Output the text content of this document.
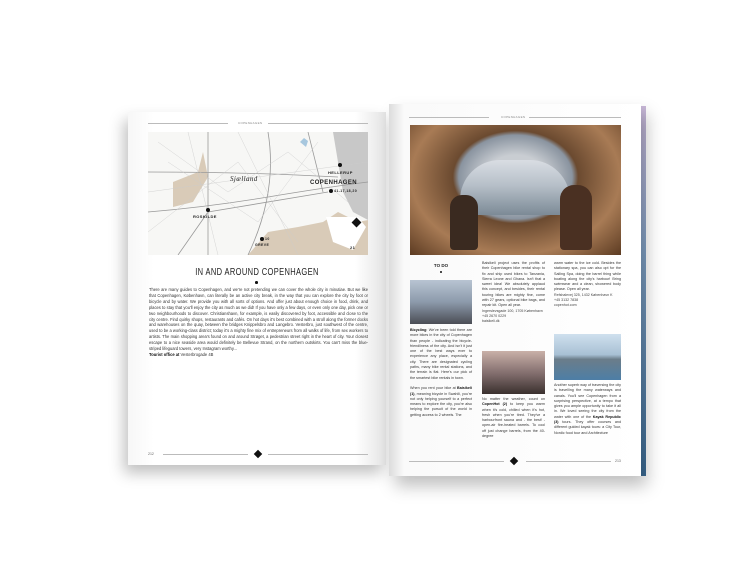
COPENHAGEN
Sjælland
HELLERUP
COPENHAGEN
41-17,18,20
ROSKILDE
10
GREVE	21
IN AND AROUND COPENHAGEN
There are many guides to Copenhagen, and we're not pretending we can cover the whole city in minutiae. But we like that Copenhagen, København, can literally be an active city break, in the way that you can explore the city by foot or bicycle and by water. We provide you with all sorts of options. And offer just about enough choice in food, drink, and places to stay that you'll enjoy the city as much as we did! If you have only a few days, or even only one day, pick one or two neighbourhoods to discover. Christianshavn, for example, is easily discovered by foot, accessible and close to the city centre. Find quirky shops, restaurants and cafés. On hot days it's best combined with a stroll along the former docks and warehouses on the quay, between the bridges Knippelsbro and Langebro. Vesterbro, just southwest of the centre, used to be a working-class district; today it's a mighty fine mix of entrepreneurs from all walks of life, from sex workers to artists. The main shopping area's found on and around Strøget, a pedestrian street right in the heart of city. Your closest escape to a nice seaside area would definitely be Bellevue Strand, on the northern outskirts. You can't miss the blue-striped lifeguard towers, very Instagram worthy...
Tourist office at Vesterbrogade 4B
212
COPENHAGEN
TO DO
Bicycling: We've been told there are more bikes in the city of Copenhagen than people - indicating the bicycle-friendliness of the city. And isn't it just one of the best ways ever to experience any place, especially a city. There are designated cycling paths, many bike rental stations, and the terrain is flat. Here's our pick of the smartest bike rentals in town.

When you rent your bike at Baisikeli (1), meaning bicycle in Swahili, you're not only helping yourself to a perfect means to explore the city, you're also helping the pursuit of the world in getting access to 2 wheels. The
Baisikeli project uses the profits of their Copenhagen bike rental shop to fix and ship used bikes to Tanzania, Sierra Leone and Ghana. Isn't that a sweet idea! We absolutely applaud this concept, and besides, their rental touring bikes are mighty fine, come with 27 gears, optional bike bags, and repair kit. Open all year.
Ingerslevsgade 100, 1705 København
+45 2670 0229
baisikeli.dk
No matter the weather, count on CopenHot (2) to keep you warm when it's cold, chilled when it's hot, fresh when you're tired. They've a harbourfront sauna and - the best! - open-air fire-heated barrels. To cool off just change barrels, from the 40-degree
warm water to the ice cold. Besides the stationary spa, you can also opt for the Sailing Spa, doing the barrel thing while boating along the city's harbour! Bring swimwear and a clean, showered body please. Open all year.
Refshalevej 325, 1432 København K
+45 3132 7838
copenhot.com
Another superb way of traversing the city is travelling the many waterways and canals. You'll see Copenhagen from a surprising perspective, at a tempo that gives you ample opportunity to take it all in. We loved seeing the city from the water with one of the Kayak Republic (3) tours. They offer courses and different guided kayak tours: a City Tour, Nordic food tour and Architecture
213
